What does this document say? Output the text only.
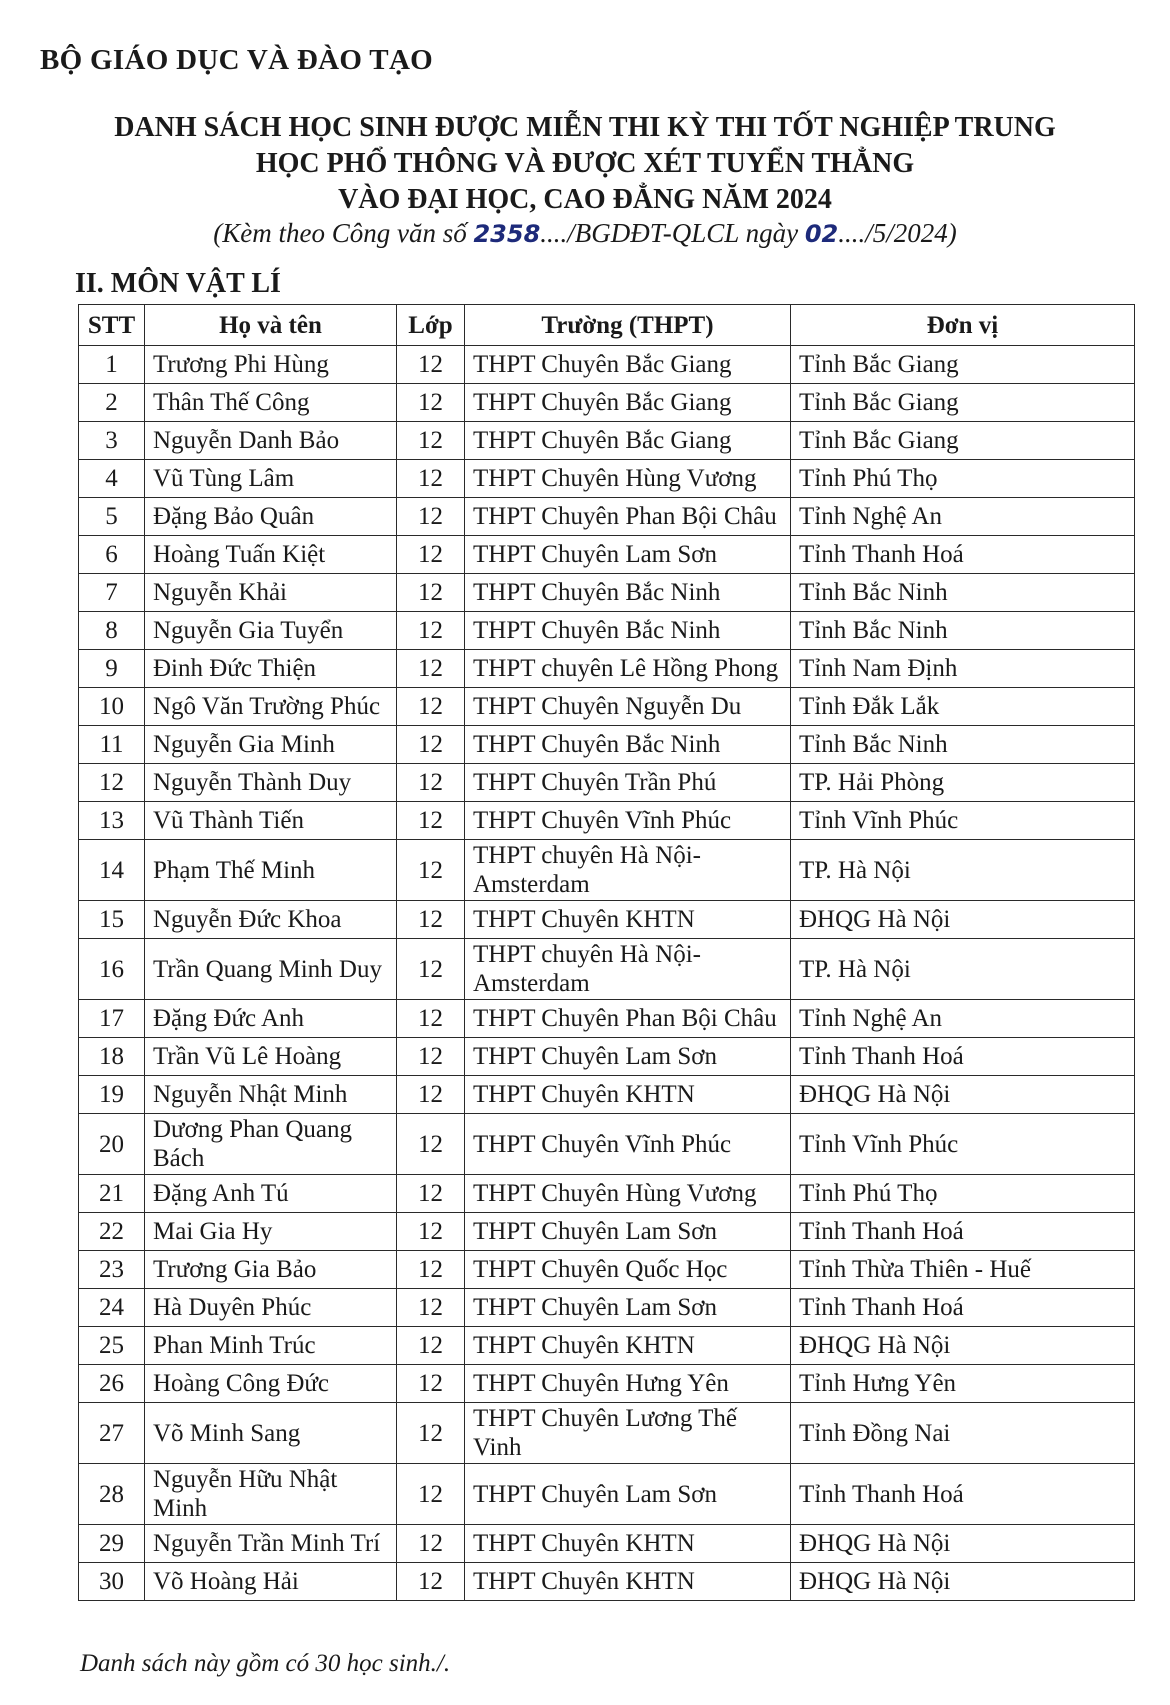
BỘ GIÁO DỤC VÀ ĐÀO TẠO
DANH SÁCH HỌC SINH ĐƯỢC MIỄN THI KỲ THI TỐT NGHIỆP TRUNG
HỌC PHỔ THÔNG VÀ ĐƯỢC XÉT TUYỂN THẲNG
VÀO ĐẠI HỌC, CAO ĐẲNG NĂM 2024
(Kèm theo Công văn số 2358..../BGDĐT-QLCL ngày 02..../5/2024)
II. MÔN VẬT LÍ
STT	Họ và tên	Lớp	Trường (THPT)	Đơn vị
1	Trương Phi Hùng	12	THPT Chuyên Bắc Giang	Tỉnh Bắc Giang
2	Thân Thế Công	12	THPT Chuyên Bắc Giang	Tỉnh Bắc Giang
3	Nguyễn Danh Bảo	12	THPT Chuyên Bắc Giang	Tỉnh Bắc Giang
4	Vũ Tùng Lâm	12	THPT Chuyên Hùng Vương	Tỉnh Phú Thọ
5	Đặng Bảo Quân	12	THPT Chuyên Phan Bội Châu	Tỉnh Nghệ An
6	Hoàng Tuấn Kiệt	12	THPT Chuyên Lam Sơn	Tỉnh Thanh Hoá
7	Nguyễn Khải	12	THPT Chuyên Bắc Ninh	Tỉnh Bắc Ninh
8	Nguyễn Gia Tuyển	12	THPT Chuyên Bắc Ninh	Tỉnh Bắc Ninh
9	Đinh Đức Thiện	12	THPT chuyên Lê Hồng Phong	Tỉnh Nam Định
10	Ngô Văn Trường Phúc	12	THPT Chuyên Nguyễn Du	Tỉnh Đắk Lắk
11	Nguyễn Gia Minh	12	THPT Chuyên Bắc Ninh	Tỉnh Bắc Ninh
12	Nguyễn Thành Duy	12	THPT Chuyên Trần Phú	TP. Hải Phòng
13	Vũ Thành Tiến	12	THPT Chuyên Vĩnh Phúc	Tỉnh Vĩnh Phúc
14	Phạm Thế Minh	12	THPT chuyên Hà Nội-Amsterdam	TP. Hà Nội
15	Nguyễn Đức Khoa	12	THPT Chuyên KHTN	ĐHQG Hà Nội
16	Trần Quang Minh Duy	12	THPT chuyên Hà Nội-Amsterdam	TP. Hà Nội
17	Đặng Đức Anh	12	THPT Chuyên Phan Bội Châu	Tỉnh Nghệ An
18	Trần Vũ Lê Hoàng	12	THPT Chuyên Lam Sơn	Tỉnh Thanh Hoá
19	Nguyễn Nhật Minh	12	THPT Chuyên KHTN	ĐHQG Hà Nội
20	Dương Phan Quang Bách	12	THPT Chuyên Vĩnh Phúc	Tỉnh Vĩnh Phúc
21	Đặng Anh Tú	12	THPT Chuyên Hùng Vương	Tỉnh Phú Thọ
22	Mai Gia Hy	12	THPT Chuyên Lam Sơn	Tỉnh Thanh Hoá
23	Trương Gia Bảo	12	THPT Chuyên Quốc Học	Tỉnh Thừa Thiên - Huế
24	Hà Duyên Phúc	12	THPT Chuyên Lam Sơn	Tỉnh Thanh Hoá
25	Phan Minh Trúc	12	THPT Chuyên KHTN	ĐHQG Hà Nội
26	Hoàng Công Đức	12	THPT Chuyên Hưng Yên	Tỉnh Hưng Yên
27	Võ Minh Sang	12	THPT Chuyên Lương Thế Vinh	Tỉnh Đồng Nai
28	Nguyễn Hữu Nhật Minh	12	THPT Chuyên Lam Sơn	Tỉnh Thanh Hoá
29	Nguyễn Trần Minh Trí	12	THPT Chuyên KHTN	ĐHQG Hà Nội
30	Võ Hoàng Hải	12	THPT Chuyên KHTN	ĐHQG Hà Nội
Danh sách này gồm có 30 học sinh./.
